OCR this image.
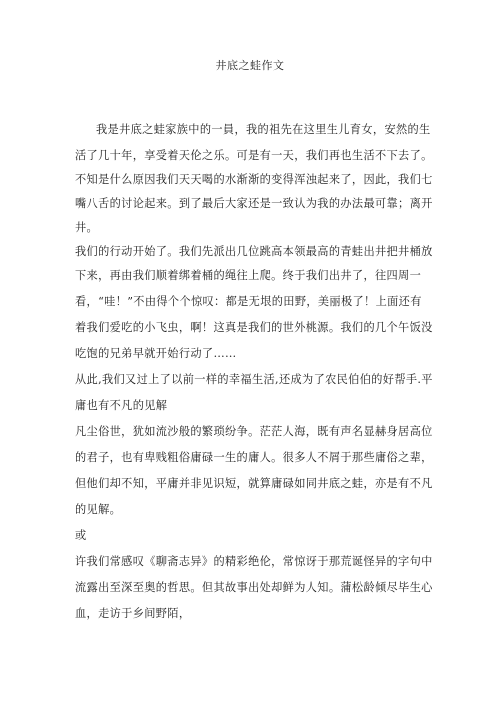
井底之蛙作文
我是井底之蛙家族中的一員，我的祖先在这里生儿育女，安然的生
活了几十年，享受着天伦之乐。可是有一天，我们再也生活不下去了。
不知是什么原因我们天天喝的水渐渐的变得浑浊起来了，因此，我们七
嘴八舌的讨论起来。到了最后大家还是一致认为我的办法最可靠；离开
井。
我们的行动开始了。我们先派出几位跳高本领最高的青蛙出井把井桶放
下来，再由我们顺着绑着桶的绳往上爬。终于我们出井了，往四周一
看，“哇！”不由得个个惊叹：都是无垠的田野，美丽极了！上面还有
着我们爱吃的小飞虫，啊！这真是我们的世外桃源。我们的几个午饭没
吃饱的兄弟早就开始行动了……
从此,我们又过上了以前一样的幸福生活,还成为了农民伯伯的好帮手.平
庸也有不凡的见解
凡尘俗世，犹如流沙般的繁琐纷争。茫茫人海，既有声名显赫身居高位
的君子，也有卑贱粗俗庸碌一生的庸人。很多人不屑于那些庸俗之辈，
但他们却不知，平庸并非见识短，就算庸碌如同井底之蛙，亦是有不凡
的见解。
或
许我们常感叹《聊斋志异》的精彩绝伦，常惊讶于那荒诞怪异的字句中
流露出至深至奥的哲思。但其故事出处却鲜为人知。蒲松龄倾尽毕生心
血，走访于乡间野陌，
